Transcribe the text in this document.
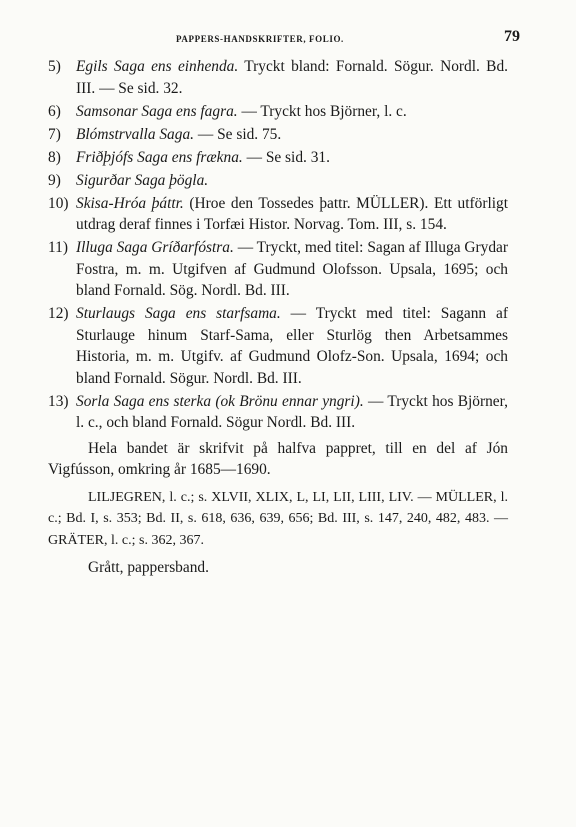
PAPPERS-HANDSKRIFTER, FOLIO.	79
5) Egils Saga ens einhenda. Tryckt bland: Fornald. Sögur. Nordl. Bd. III. — Se sid. 32.
6) Samsonar Saga ens fagra. — Tryckt hos Björner, l. c.
7) Blómstrvalla Saga. — Se sid. 75.
8) Friðþjófs Saga ens frækna. — Se sid. 31.
9) Sigurðar Saga þögla.
10) Skisa-Hróa þáttr. (Hroe den Tossedes þattr. MÜLLER). Ett utförligt utdrag deraf finnes i Torfæi Histor. Norvag. Tom. III, s. 154.
11) Illuga Saga Gríðarfóstra. — Tryckt, med titel: Sagan af Illuga Grydar Fostra, m. m. Utgifven af Gudmund Olofsson. Upsala, 1695; och bland Fornald. Sög. Nordl. Bd. III.
12) Sturlaugs Saga ens starfsama. — Tryckt med titel: Sagann af Sturlauge hinum Starf-Sama, eller Sturlög then Arbetsammes Historia, m. m. Utgifv. af Gudmund Olofz-Son. Upsala, 1694; och bland Fornald. Sögur. Nordl. Bd. III.
13) Sorla Saga ens sterka (ok Brönu ennar yngri). — Tryckt hos Björner, l. c., och bland Fornald. Sögur Nordl. Bd. III.
Hela bandet är skrifvit på halfva pappret, till en del af Jón Vigfússon, omkring år 1685—1690.
LILJEGREN, l. c.; s. XLVII, XLIX, L, LI, LII, LIII, LIV. — MÜLLER, l. c.; Bd. I, s. 353; Bd. II, s. 618, 636, 639, 656; Bd. III, s. 147, 240, 482, 483. — GRÄTER, l. c.; s. 362, 367.
Grått, pappersband.
